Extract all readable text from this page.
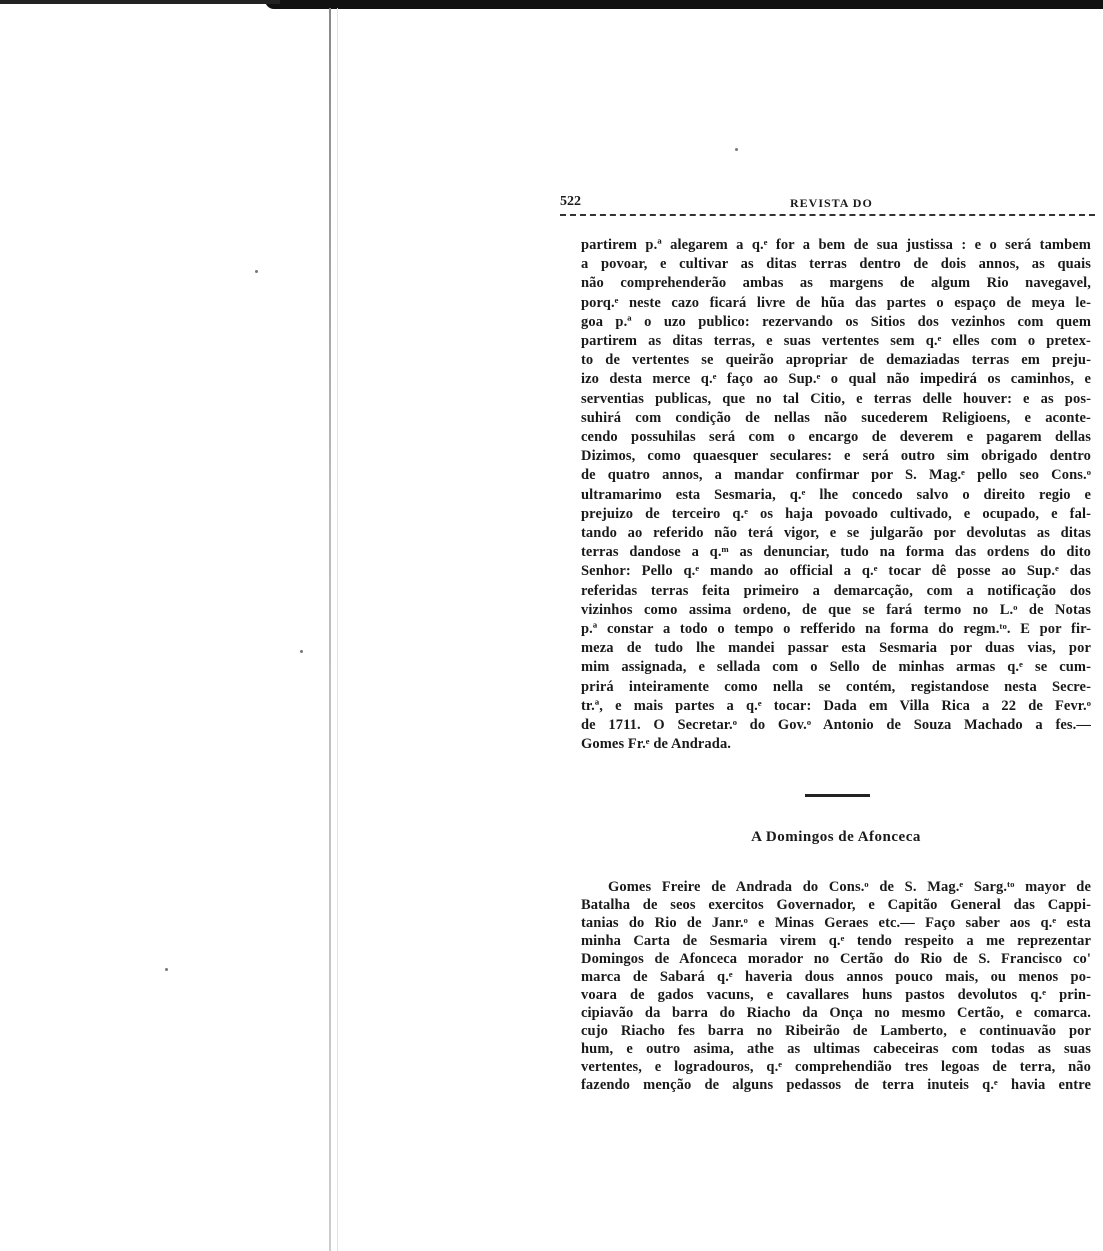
522	REVISTA DO
partirem p.ª alegarem a q.ᵉ for a bem de sua justissa : e o será tambem
a povoar, e cultivar as ditas terras dentro de dois annos, as quais
não comprehenderão ambas as margens de algum Rio navegavel,
porq.ᵉ neste cazo ficará livre de hũa das partes o espaço de meya le-
goa p.ª o uzo publico: rezervando os Sitios dos vezinhos com quem
partirem as ditas terras, e suas vertentes sem q.ᵉ elles com o pretex-
to de vertentes se queirão apropriar de demaziadas terras em preju-
izo desta merce q.ᵉ faço ao Sup.ᵉ o qual não impedirá os caminhos, e
serventias publicas, que no tal Citio, e terras delle houver: e as pos-
suhirá com condição de nellas não sucederem Religioens, e aconte-
cendo possuhilas será com o encargo de deverem e pagarem dellas
Dizimos, como quaesquer seculares: e será outro sim obrigado dentro
de quatro annos, a mandar confirmar por S. Mag.ᵉ pello seo Cons.ᵒ
ultramarimo esta Sesmaria, q.ᵉ lhe concedo salvo o direito regio e
prejuizo de terceiro q.ᵉ os haja povoado cultivado, e ocupado, e fal-
tando ao referido não terá vigor, e se julgarão por devolutas as ditas
terras dandose a q.ᵐ as denunciar, tudo na forma das ordens do dito
Senhor: Pello q.ᵉ mando ao official a q.ᵉ tocar dê posse ao Sup.ᵉ das
referidas terras feita primeiro a demarcação, com a notificação dos
vizinhos como assima ordeno, de que se fará termo no L.ᵒ de Notas
p.ª constar a todo o tempo o refferido na forma do regm.ᵗᵒ. E por fir-
meza de tudo lhe mandei passar esta Sesmaria por duas vias, por
mim assignada, e sellada com o Sello de minhas armas q.ᵉ se cum-
prirá inteiramente como nella se contém, registandose nesta Secre-
tr.ª, e mais partes a q.ᵉ tocar: Dada em Villa Rica a 22 de Fevr.ᵒ
de 1711. O Secretar.ᵒ do Gov.ᵒ Antonio de Souza Machado a fes.—
Gomes Fr.ᵉ de Andrada.
A Domingos de Afonceca
Gomes Freire de Andrada do Cons.ᵒ de S. Mag.ᵉ Sarg.ᵗᵒ mayor de
Batalha de seos exercitos Governador, e Capitão General das Cappi-
tanias do Rio de Janr.ᵒ e Minas Geraes etc.— Faço saber aos q.ᵉ esta
minha Carta de Sesmaria virem q.ᵉ tendo respeito a me reprezentar
Domingos de Afonceca morador no Certão do Rio de S. Francisco co'
marca de Sabará q.ᵉ haveria dous annos pouco mais, ou menos po-
voara de gados vacuns, e cavallares huns pastos devolutos q.ᵉ prin-
cipiavão da barra do Riacho da Onça no mesmo Certão, e comarca.
cujo Riacho fes barra no Ribeirão de Lamberto, e continuavão por
hum, e outro asima, athe as ultimas cabeceiras com todas as suas
vertentes, e logradouros, q.ᵉ comprehendião tres legoas de terra, não
fazendo menção de alguns pedassos de terra inuteis q.ᵉ havia entre
